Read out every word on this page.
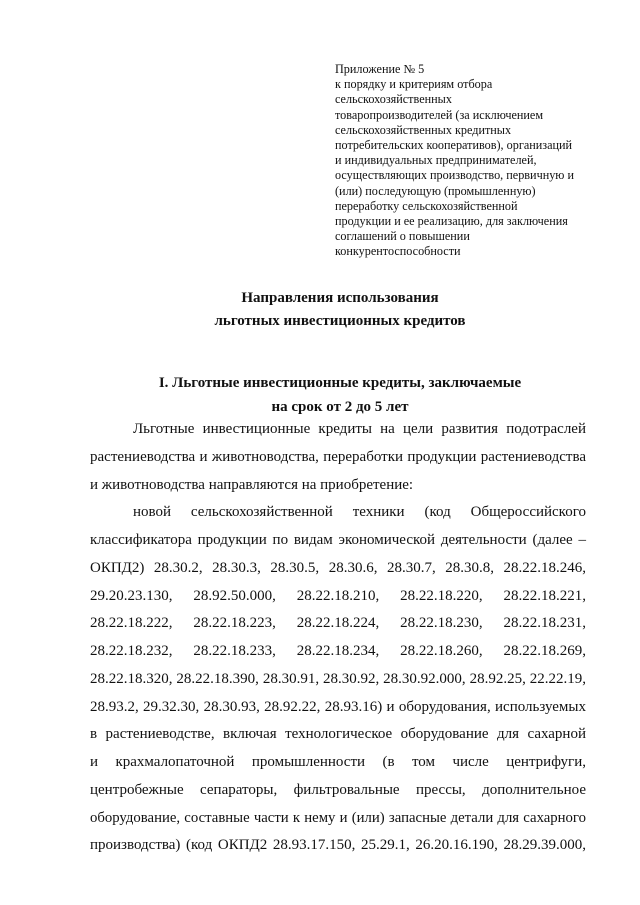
Приложение № 5
к порядку и критериям отбора
сельскохозяйственных
товаропроизводителей (за исключением
сельскохозяйственных кредитных
потребительских кооперативов), организаций
и индивидуальных предпринимателей,
осуществляющих производство, первичную и
(или) последующую (промышленную)
переработку сельскохозяйственной
продукции и ее реализацию, для заключения
соглашений о повышении
конкурентоспособности
Направления использования
льготных инвестиционных кредитов
I. Льготные инвестиционные кредиты, заключаемые
на срок от 2 до 5 лет
Льготные инвестиционные кредиты на цели развития подотраслей
растениеводства и животноводства, переработки продукции растениеводства
и животноводства направляются на приобретение:
новой сельскохозяйственной техники (код Общероссийского
классификатора продукции по видам экономической деятельности (далее –
ОКПД2) 28.30.2, 28.30.3, 28.30.5, 28.30.6, 28.30.7, 28.30.8, 28.22.18.246,
29.20.23.130, 28.92.50.000, 28.22.18.210, 28.22.18.220, 28.22.18.221,
28.22.18.222, 28.22.18.223, 28.22.18.224, 28.22.18.230, 28.22.18.231,
28.22.18.232, 28.22.18.233, 28.22.18.234, 28.22.18.260, 28.22.18.269,
28.22.18.320, 28.22.18.390, 28.30.91, 28.30.92, 28.30.92.000, 28.92.25, 22.22.19,
28.93.2, 29.32.30, 28.30.93, 28.92.22, 28.93.16) и оборудования, используемых
в растениеводстве, включая технологическое оборудование для сахарной
и крахмалопаточной промышленности (в том числе центрифуги,
центробежные сепараторы, фильтровальные прессы, дополнительное
оборудование, составные части к нему и (или) запасные детали для сахарного
производства) (код ОКПД2 28.93.17.150, 25.29.1, 26.20.16.190, 28.29.39.000,
